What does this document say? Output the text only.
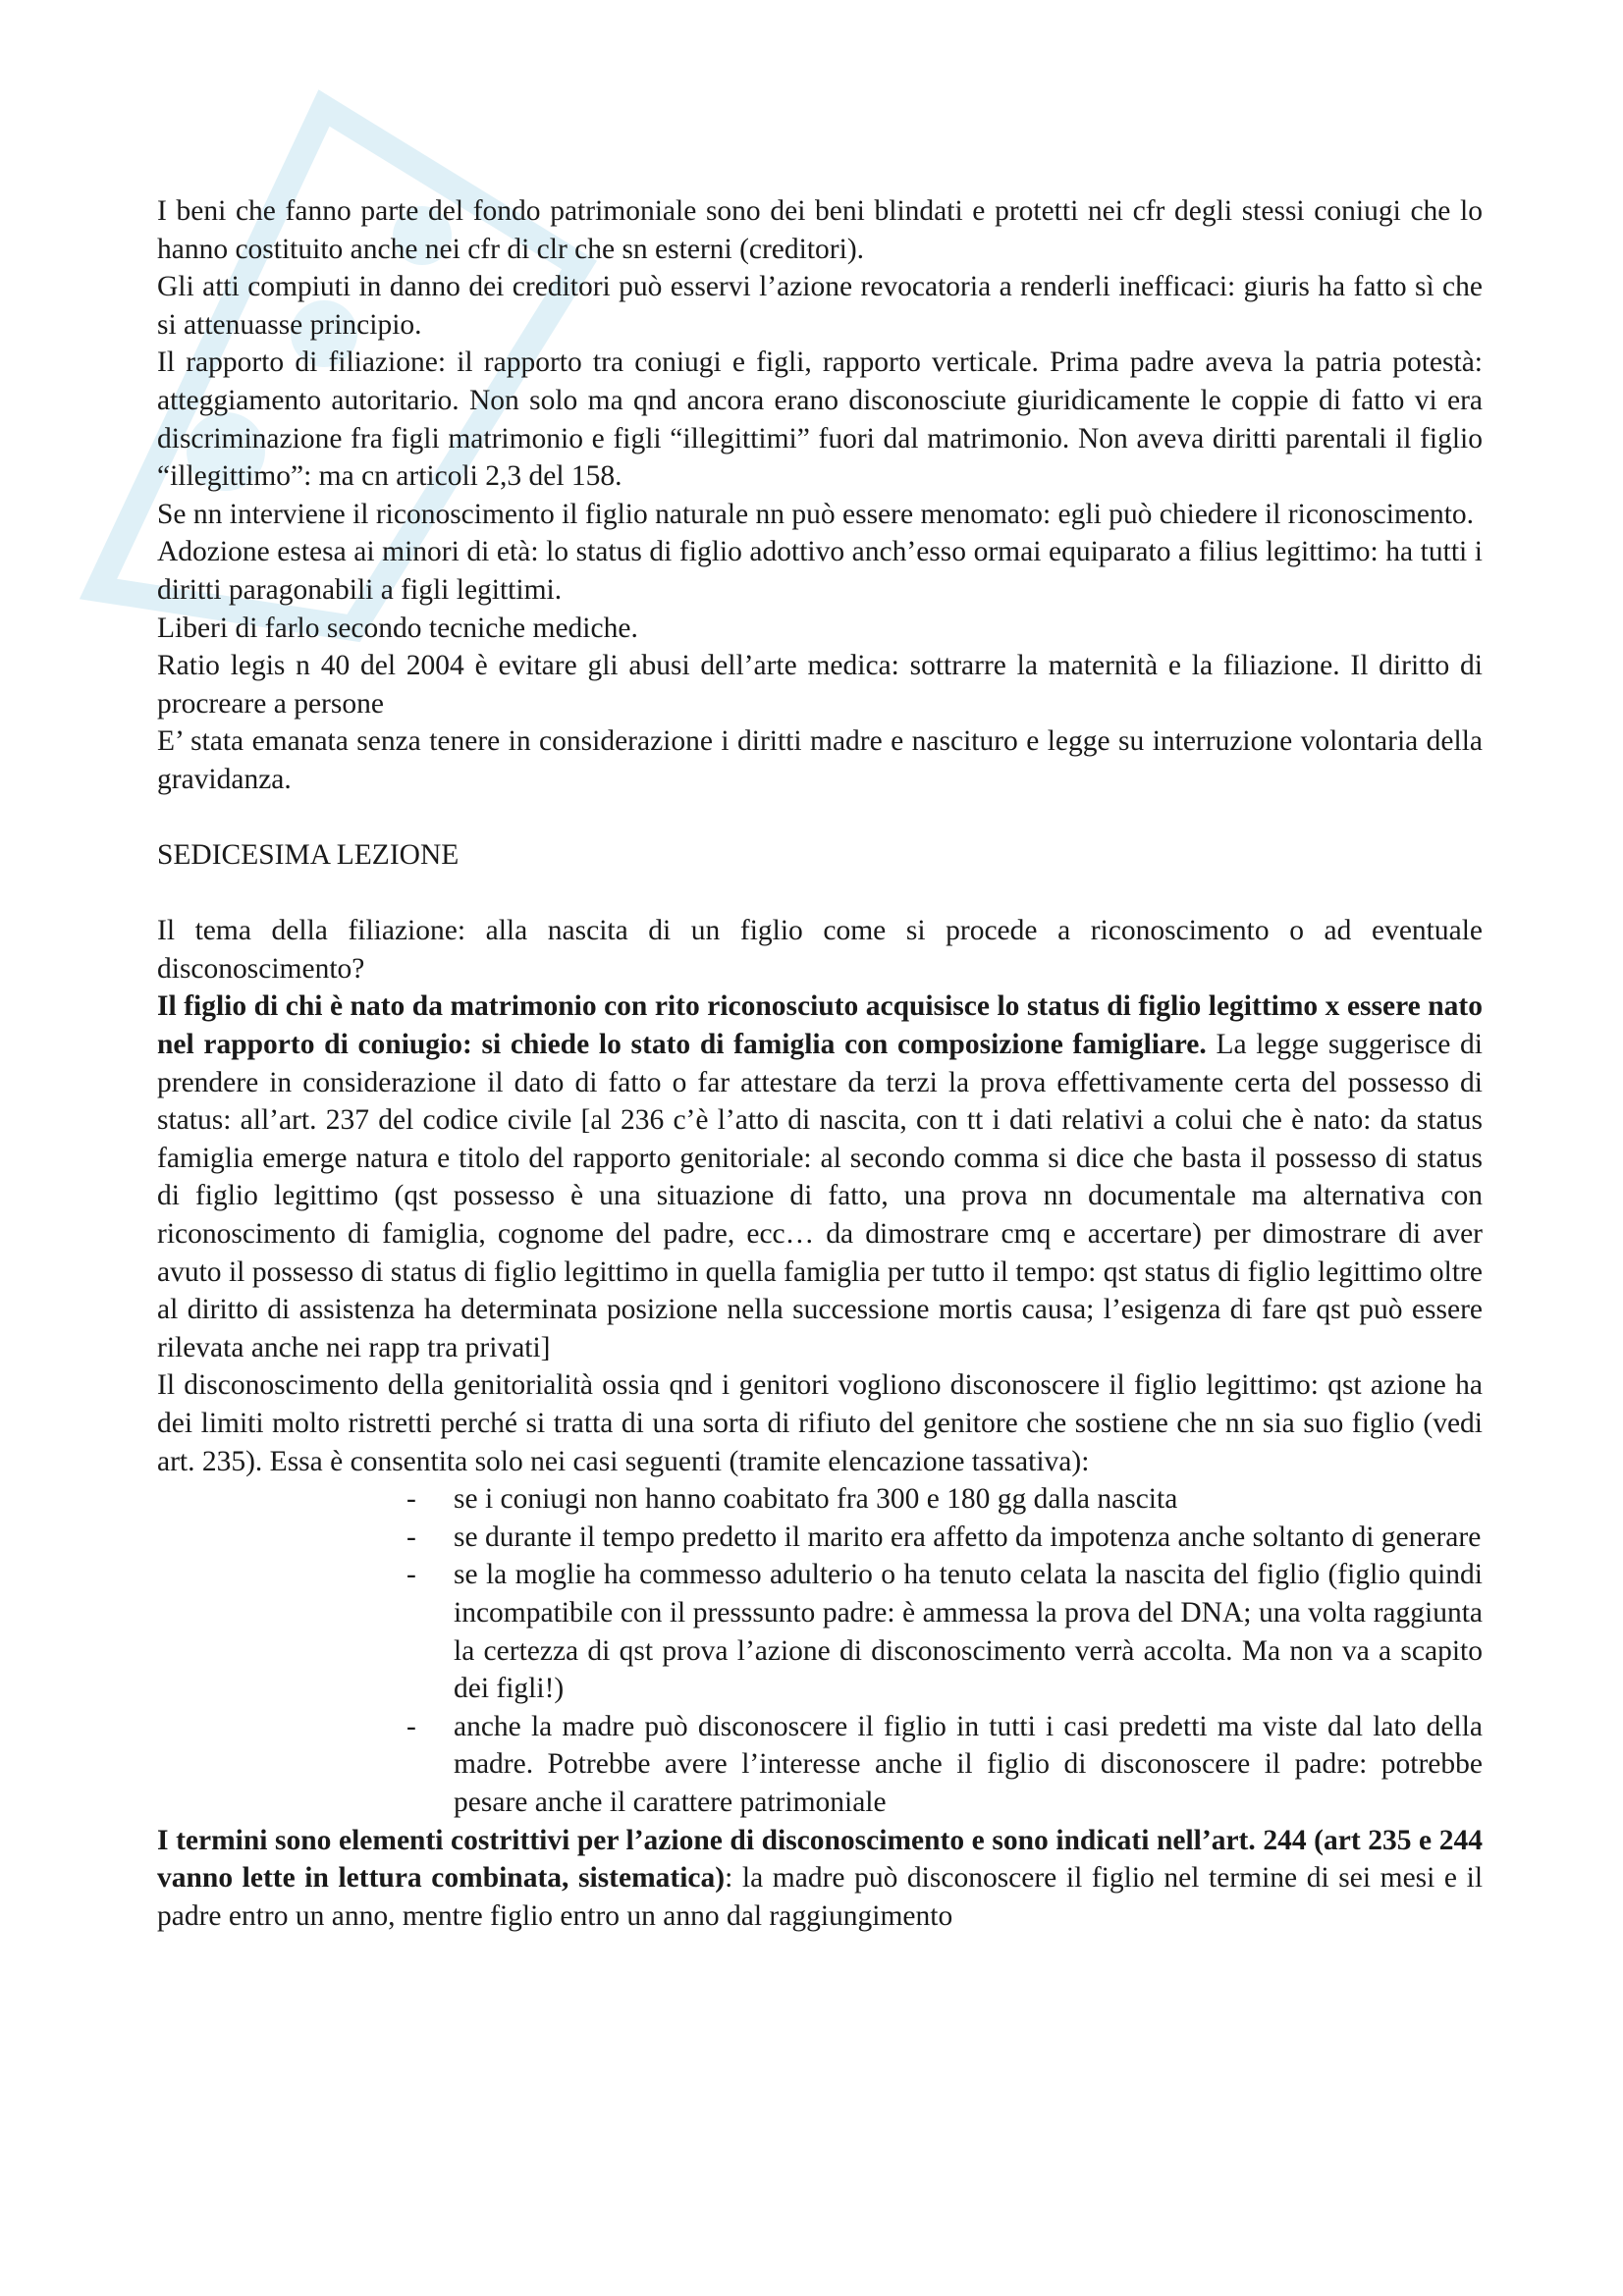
I beni che fanno parte del fondo patrimoniale sono dei beni blindati e protetti nei cfr degli stessi coniugi che lo hanno costituito anche nei cfr di clr che sn esterni (creditori).

Gli atti compiuti in danno dei creditori può esservi l’azione revocatoria a renderli inefficaci: giuris ha fatto sì che si attenuasse principio.

Il rapporto di filiazione: il rapporto tra coniugi e figli, rapporto verticale. Prima padre aveva la patria potestà: atteggiamento autoritario. Non solo ma qnd ancora erano disconosciute giuridicamente le coppie di fatto vi era discriminazione fra figli matrimonio e figli “illegittimi” fuori dal matrimonio. Non aveva diritti parentali il figlio “illegittimo”: ma cn articoli 2,3 del 158.

Se nn interviene il riconoscimento il figlio naturale nn può essere menomato: egli può chiedere il riconoscimento.

Adozione estesa ai minori di età: lo status di figlio adottivo anch’esso ormai equiparato a filius legittimo: ha tutti i diritti paragonabili a figli legittimi.

Liberi di farlo secondo tecniche mediche.

Ratio legis n 40 del 2004 è evitare gli abusi dell’arte medica: sottrarre la maternità e la filiazione. Il diritto di procreare a persone

E’ stata emanata senza tenere in considerazione i diritti madre e nascituro e legge su interruzione volontaria della gravidanza.

SEDICESIMA LEZIONE

Il tema della filiazione: alla nascita di un figlio come si procede a riconoscimento o ad eventuale disconoscimento?

Il figlio di chi è nato da matrimonio con rito riconosciuto acquisisce lo status di figlio legittimo x essere nato nel rapporto di coniugio: si chiede lo stato di famiglia con composizione famigliare. La legge suggerisce di prendere in considerazione il dato di fatto o far attestare da terzi la prova effettivamente certa del possesso di status: all’art. 237 del codice civile [al 236 c’è l’atto di nascita, con tt i dati relativi a colui che è nato: da status famiglia emerge natura e titolo del rapporto genitoriale: al secondo comma si dice che basta il possesso di status di figlio legittimo (qst possesso è una situazione di fatto, una prova nn documentale ma alternativa con riconoscimento di famiglia, cognome del padre, ecc… da dimostrare cmq e accertare) per dimostrare di aver avuto il possesso di status di figlio legittimo in quella famiglia per tutto il tempo: qst status di figlio legittimo oltre al diritto di assistenza ha determinata posizione nella successione mortis causa; l’esigenza di fare qst può essere rilevata anche nei rapp tra privati]

Il disconoscimento della genitorialità ossia qnd i genitori vogliono disconoscere il figlio legittimo: qst azione ha dei limiti molto ristretti perché si tratta di una sorta di rifiuto del genitore che sostiene che nn sia suo figlio (vedi art. 235). Essa è consentita solo nei casi seguenti (tramite elencazione tassativa):

- se i coniugi non hanno coabitato fra 300 e 180 gg dalla nascita
- se durante il tempo predetto il marito era affetto da impotenza anche soltanto di generare
- se la moglie ha commesso adulterio o ha tenuto celata la nascita del figlio (figlio quindi incompatibile con il presssunto padre: è ammessa la prova del DNA; una volta raggiunta la certezza di qst prova l’azione di disconoscimento verrà accolta. Ma non va a scapito dei figli!)
- anche la madre può disconoscere il figlio in tutti i casi predetti ma viste dal lato della madre. Potrebbe avere l’interesse anche il figlio di disconoscere il padre: potrebbe pesare anche il carattere patrimoniale

I termini sono elementi costrittivi per l’azione di disconoscimento e sono indicati nell’art. 244 (art 235 e 244 vanno lette in lettura combinata, sistematica): la madre può disconoscere il figlio nel termine di sei mesi e il padre entro un anno, mentre figlio entro un anno dal raggiungimento
